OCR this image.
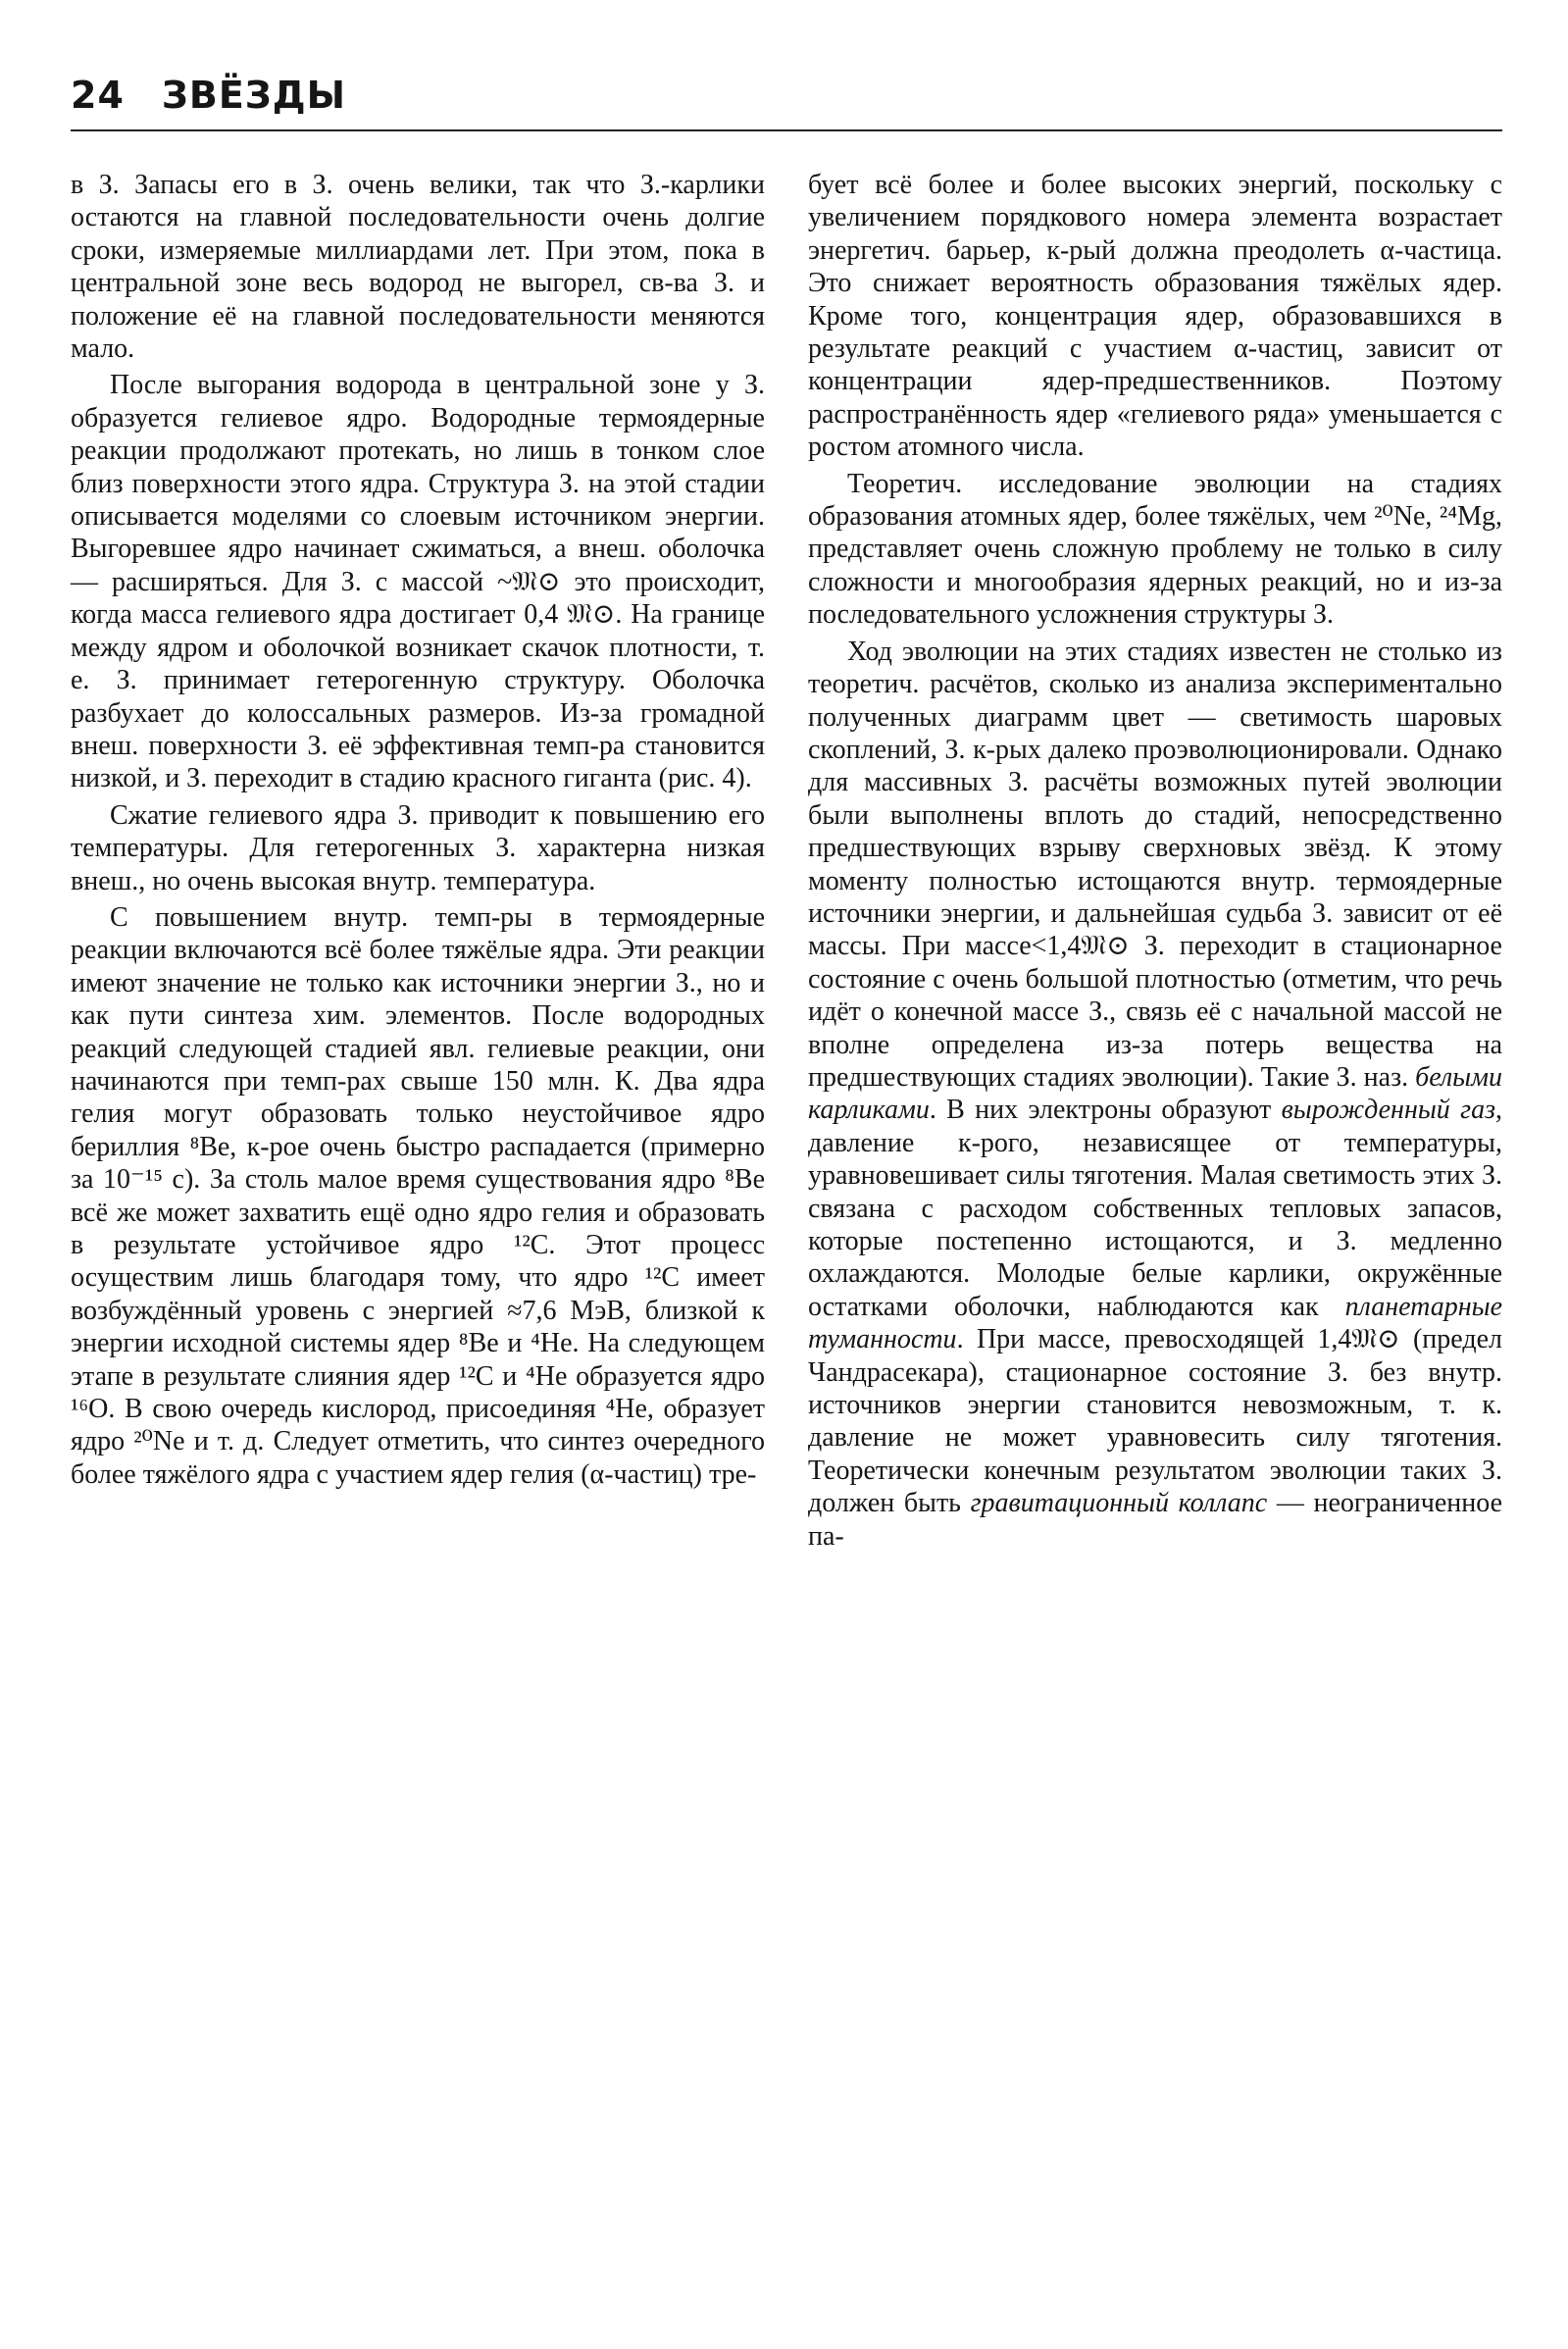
24 ЗВЁЗДЫ

в З. Запасы его в З. очень велики, так что З.-карлики остаются на главной последовательности очень долгие сроки, измеряемые миллиардами лет. При этом, пока в центральной зоне весь водород не выгорел, св-ва З. и положение её на главной последовательности меняются мало.

После выгорания водорода в центральной зоне у З. образуется гелиевое ядро. Водородные термоядерные реакции продолжают протекать, но лишь в тонком слое близ поверхности этого ядра. Структура З. на этой стадии описывается моделями со слоевым источником энергии. Выгоревшее ядро начинает сжиматься, а внеш. оболочка — расширяться. Для З. с массой ~𝔐⊙ это происходит, когда масса гелиевого ядра достигает 0,4 𝔐⊙. На границе между ядром и оболочкой возникает скачок плотности, т. е. З. принимает гетерогенную структуру. Оболочка разбухает до колоссальных размеров. Из-за громадной внеш. поверхности З. её эффективная темп-ра становится низкой, и З. переходит в стадию красного гиганта (рис. 4).

Сжатие гелиевого ядра З. приводит к повышению его температуры. Для гетерогенных З. характерна низкая внеш., но очень высокая внутр. температура.

С повышением внутр. темп-ры в термоядерные реакции включаются всё более тяжёлые ядра. Эти реакции имеют значение не только как источники энергии З., но и как пути синтеза хим. элементов. После водородных реакций следующей стадией явл. гелиевые реакции, они начинаются при темп-рах свыше 150 млн. К. Два ядра гелия могут образовать только неустойчивое ядро бериллия ⁸Be, к-рое очень быстро распадается (примерно за 10⁻¹⁵ с). За столь малое время существования ядро ⁸Be всё же может захватить ещё одно ядро гелия и образовать в результате устойчивое ядро ¹²C. Этот процесс осуществим лишь благодаря тому, что ядро ¹²C имеет возбуждённый уровень с энергией ≈7,6 МэВ, близкой к энергии исходной системы ядер ⁸Be и ⁴He. На следующем этапе в результате слияния ядер ¹²C и ⁴He образуется ядро ¹⁶O. В свою очередь кислород, присоединяя ⁴He, образует ядро ²⁰Ne и т. д. Следует отметить, что синтез очередного более тяжёлого ядра с участием ядер гелия (α-частиц) тре-

бует всё более и более высоких энергий, поскольку с увеличением порядкового номера элемента возрастает энергетич. барьер, к-рый должна преодолеть α-частица. Это снижает вероятность образования тяжёлых ядер. Кроме того, концентрация ядер, образовавшихся в результате реакций с участием α-частиц, зависит от концентрации ядер-предшественников. Поэтому распространённость ядер «гелиевого ряда» уменьшается с ростом атомного числа.

Теоретич. исследование эволюции на стадиях образования атомных ядер, более тяжёлых, чем ²⁰Ne, ²⁴Mg, представляет очень сложную проблему не только в силу сложности и многообразия ядерных реакций, но и из-за последовательного усложнения структуры З.

Ход эволюции на этих стадиях известен не столько из теоретич. расчётов, сколько из анализа экспериментально полученных диаграмм цвет — светимость шаровых скоплений, З. к-рых далеко проэволюционировали. Однако для массивных З. расчёты возможных путей эволюции были выполнены вплоть до стадий, непосредственно предшествующих взрыву сверхновых звёзд. К этому моменту полностью истощаются внутр. термоядерные источники энергии, и дальнейшая судьба З. зависит от её массы. При массе<1,4𝔐⊙ З. переходит в стационарное состояние с очень большой плотностью (отметим, что речь идёт о конечной массе З., связь её с начальной массой не вполне определена из-за потерь вещества на предшествующих стадиях эволюции). Такие З. наз. белыми карликами. В них электроны образуют вырожденный газ, давление к-рого, независящее от температуры, уравновешивает силы тяготения. Малая светимость этих З. связана с расходом собственных тепловых запасов, которые постепенно истощаются, и З. медленно охлаждаются. Молодые белые карлики, окружённые остатками оболочки, наблюдаются как планетарные туманности. При массе, превосходящей 1,4𝔐⊙ (предел Чандрасекара), стационарное состояние З. без внутр. источников энергии становится невозможным, т. к. давление не может уравновесить силу тяготения. Теоретически конечным результатом эволюции таких З. должен быть гравитационный коллапс — неограниченное па-
